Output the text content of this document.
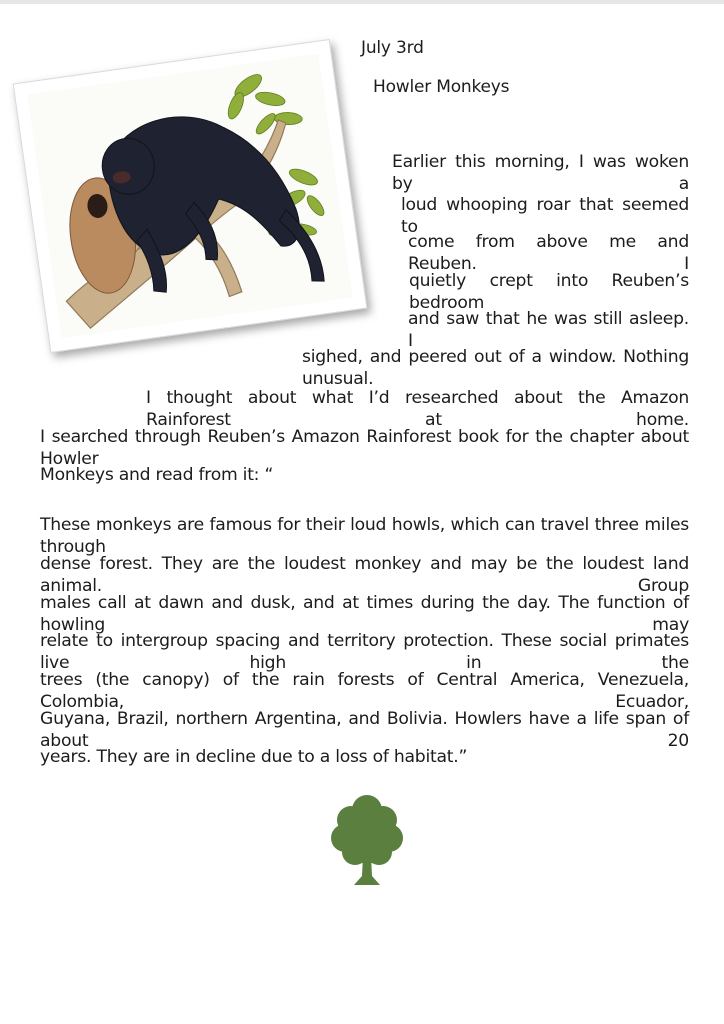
July 3rd
Howler Monkeys
Earlier this morning, I was woken by a
loud whooping roar that seemed to
come from above me and Reuben. I
quietly crept into Reuben’s bedroom
and saw that he was still asleep. I
sighed, and peered out of a window. Nothing unusual.
I thought about what I’d researched about the Amazon Rainforest at home.
I searched through Reuben’s Amazon Rainforest book for the chapter about Howler
Monkeys and read from it: “
These monkeys are famous for their loud howls, which can travel three miles through
dense forest. They are the loudest monkey and may be the loudest land animal. Group
males call at dawn and dusk, and at times during the day. The function of howling may
relate to intergroup spacing and territory protection. These social primates live high in the
trees (the canopy) of the rain forests of Central America, Venezuela, Colombia, Ecuador,
Guyana, Brazil, northern Argentina, and Bolivia. Howlers have a life span of about 20
years. They are in decline due to a loss of habitat.”
